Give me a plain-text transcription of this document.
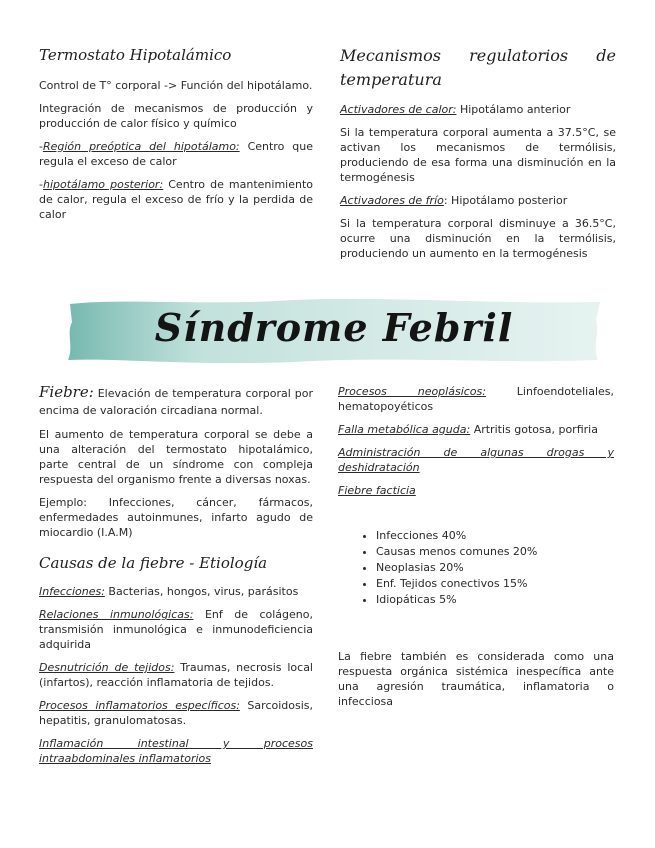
Termostato Hipotalámico

Control de T° corporal -> Función del hipotálamo.

Integración de mecanismos de producción y producción de calor físico y químico

-Región preóptica del hipotálamo: Centro que regula el exceso de calor

-hipotálamo posterior: Centro de mantenimiento de calor, regula el exceso de frío y la perdida de calor

Mecanismos regulatorios de temperatura

Activadores de calor: Hipotálamo anterior

Si la temperatura corporal aumenta a 37.5°C, se activan los mecanismos de termólisis, produciendo de esa forma una disminución en la termogénesis

Activadores de frío: Hipotálamo posterior

Si la temperatura corporal disminuye a 36.5°C, ocurre una disminución en la termólisis, produciendo un aumento en la termogénesis

Síndrome Febril

Fiebre: Elevación de temperatura corporal por encima de valoración circadiana normal.

El aumento de temperatura corporal se debe a una alteración del termostato hipotalámico, parte central de un síndrome con compleja respuesta del organismo frente a diversas noxas.

Ejemplo: Infecciones, cáncer, fármacos, enfermedades autoinmunes, infarto agudo de miocardio (I.A.M)

Causas de la fiebre - Etiología

Infecciones: Bacterias, hongos, virus, parásitos

Relaciones inmunológicas: Enf de colágeno, transmisión inmunológica e inmunodeficiencia adquirida

Desnutrición de tejidos: Traumas, necrosis local (infartos), reacción inflamatoria de tejidos.

Procesos inflamatorios específicos: Sarcoidosis, hepatitis, granulomatosas.

Inflamación intestinal y procesos intraabdominales inflamatorios

Procesos neoplásicos: Linfoendoteliales, hematopoyéticos

Falla metabólica aguda: Artritis gotosa, porfiria

Administración de algunas drogas y deshidratación

Fiebre facticia

• Infecciones 40%
• Causas menos comunes 20%
• Neoplasias 20%
• Enf. Tejidos conectivos 15%
• Idiopáticas 5%

La fiebre también es considerada como una respuesta orgánica sistémica inespecífica ante una agresión traumática, inflamatoria o infecciosa
